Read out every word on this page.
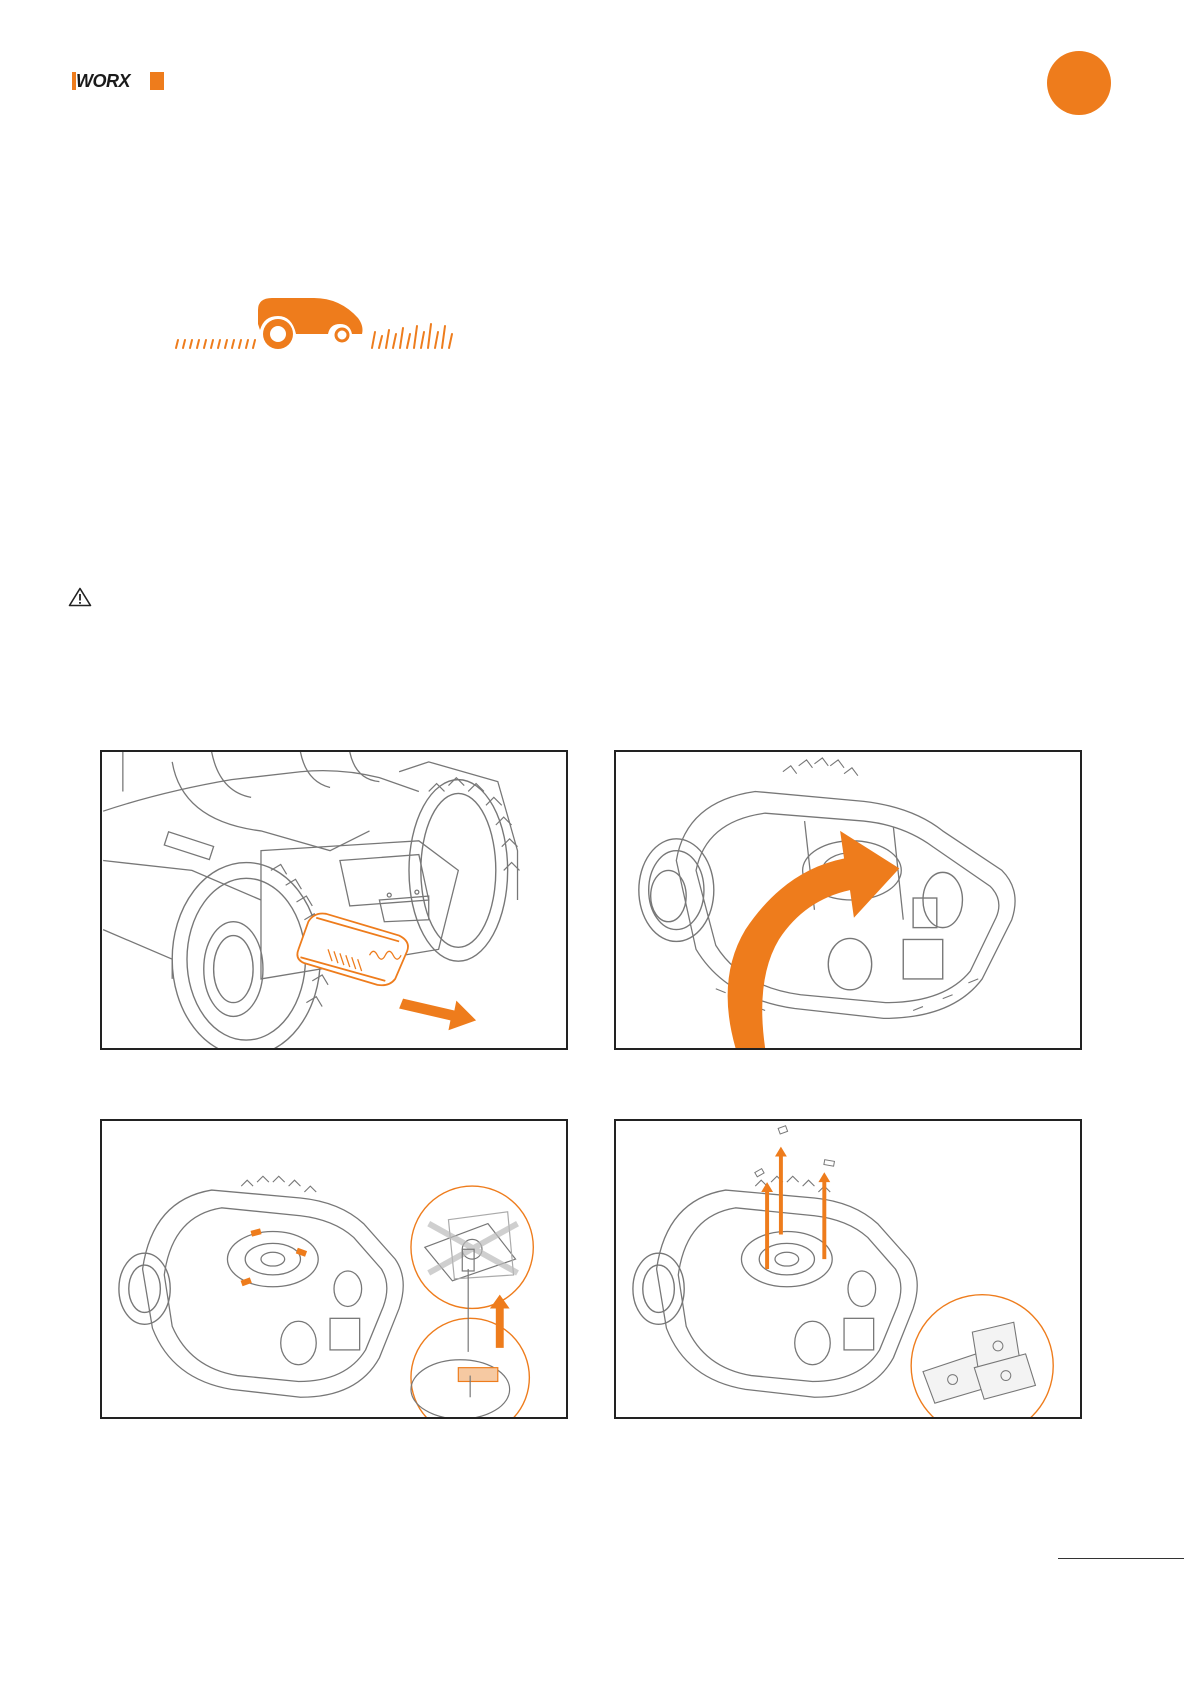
WORX
